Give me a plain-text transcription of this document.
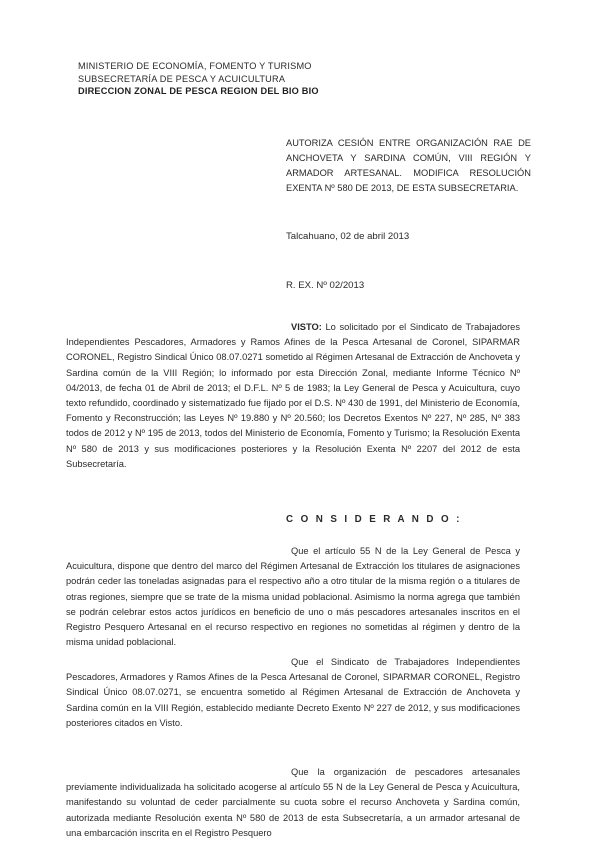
MINISTERIO DE ECONOMÍA, FOMENTO Y TURISMO
SUBSECRETARÍA DE PESCA Y ACUICULTURA
DIRECCION ZONAL DE PESCA REGION DEL BIO BIO
AUTORIZA CESIÓN ENTRE ORGANIZACIÓN RAE DE ANCHOVETA Y SARDINA COMÚN, VIII REGIÓN Y ARMADOR ARTESANAL. MODIFICA RESOLUCIÓN EXENTA Nº 580 DE 2013, DE ESTA SUBSECRETARIA.
Talcahuano, 02 de abril 2013
R. EX. Nº 02/2013
VISTO: Lo solicitado por el Sindicato de Trabajadores Independientes Pescadores, Armadores y Ramos Afines de la Pesca Artesanal de Coronel, SIPARMAR CORONEL, Registro Sindical Único 08.07.0271 sometido al Régimen Artesanal de Extracción de Anchoveta y Sardina común de la VIII Región; lo informado por esta Dirección Zonal, mediante Informe Técnico Nº 04/2013, de fecha 01 de Abril de 2013; el D.F.L. Nº 5 de 1983; la Ley General de Pesca y Acuicultura, cuyo texto refundido, coordinado y sistematizado fue fijado por el D.S. Nº 430 de 1991, del Ministerio de Economía, Fomento y Reconstrucción; las Leyes Nº 19.880 y Nº 20.560; los Decretos Exentos Nº 227, Nº 285, Nº 383 todos de 2012 y Nº 195 de 2013, todos del Ministerio de Economía, Fomento y Turismo; la Resolución Exenta Nº 580 de 2013 y sus modificaciones posteriores y la Resolución Exenta Nº 2207 del 2012 de esta Subsecretaría.
C O N S I D E R A N D O :
Que el artículo 55 N de la Ley General de Pesca y Acuicultura, dispone que dentro del marco del Régimen Artesanal de Extracción los titulares de asignaciones podrán ceder las toneladas asignadas para el respectivo año a otro titular de la misma región o a titulares de otras regiones, siempre que se trate de la misma unidad poblacional. Asimismo la norma agrega que también se podrán celebrar estos actos jurídicos en beneficio de uno o más pescadores artesanales inscritos en el Registro Pesquero Artesanal en el recurso respectivo en regiones no sometidas al régimen y dentro de la misma unidad poblacional.
Que el Sindicato de Trabajadores Independientes Pescadores, Armadores y Ramos Afines de la Pesca Artesanal de Coronel, SIPARMAR CORONEL, Registro Sindical Único 08.07.0271, se encuentra sometido al Régimen Artesanal de Extracción de Anchoveta y Sardina común en la VIII Región, establecido mediante Decreto Exento Nº 227 de 2012, y sus modificaciones posteriores citados en Visto.
Que la organización de pescadores artesanales previamente individualizada ha solicitado acogerse al artículo 55 N de la Ley General de Pesca y Acuicultura, manifestando su voluntad de ceder parcialmente su cuota sobre el recurso Anchoveta y Sardina común, autorizada mediante Resolución exenta Nº 580 de 2013 de esta Subsecretaría, a un armador artesanal de una embarcación inscrita en el Registro Pesquero
